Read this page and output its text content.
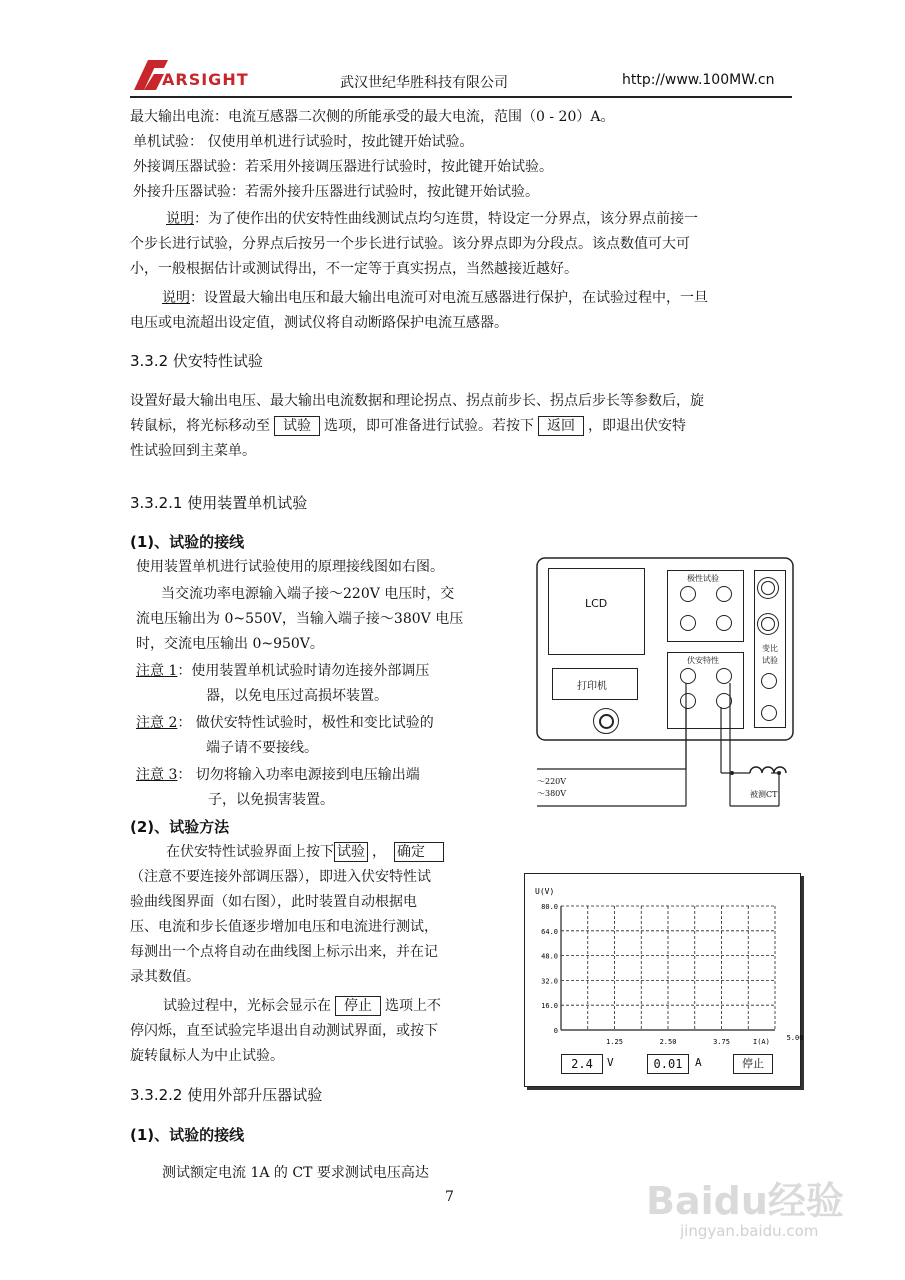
ARSIGHT	武汉世纪华胜科技有限公司	http://www.100MW.cn
最大输出电流：电流互感器二次侧的所能承受的最大电流，范围（0 - 20）A。
单机试验： 仅使用单机进行试验时，按此键开始试验。
外接调压器试验：若采用外接调压器进行试验时，按此键开始试验。
外接升压器试验：若需外接升压器进行试验时，按此键开始试验。
说明：为了使作出的伏安特性曲线测试点均匀连贯，特设定一分界点，该分界点前接一
个步长进行试验，分界点后按另一个步长进行试验。该分界点即为分段点。该点数值可大可
小，一般根据估计或测试得出，不一定等于真实拐点，当然越接近越好。
说明：设置最大输出电压和最大输出电流可对电流互感器进行保护，在试验过程中，一旦
电压或电流超出设定值，测试仪将自动断路保护电流互感器。
3.3.2 伏安特性试验
设置好最大输出电压、最大输出电流数据和理论拐点、拐点前步长、拐点后步长等参数后，旋
转鼠标，将光标移动至 试验 选项，即可准备进行试验。若按下 返回 ，即退出伏安特
性试验回到主菜单。
3.3.2.1 使用装置单机试验
(1)、试验的接线
使用装置单机进行试验使用的原理接线图如右图。
当交流功率电源输入端子接～220V 电压时，交
流电压输出为 0~550V，当输入端子接～380V 电压
时，交流电压输出 0~950V。
注意 1：使用装置单机试验时请勿连接外部调压
器，以免电压过高损坏装置。
注意 2： 做伏安特性试验时，极性和变比试验的
端子请不要接线。
注意 3： 切勿将输入功率电源接到电压输出端
子，以免损害装置。
(2)、试验方法
在伏安特性试验界面上按下 试验 ， 确定
（注意不要连接外部调压器），即进入伏安特性试
验曲线图界面（如右图），此时装置自动根据电
压、电流和步长值逐步增加电压和电流进行测试，
每测出一个点将自动在曲线图上标示出来，并在记
录其数值。
试验过程中，光标会显示在 停止 选项上不
停闪烁，直至试验完毕退出自动测试界面，或按下
旋转鼠标人为中止试验。
3.3.2.2 使用外部升压器试验
(1)、试验的接线
测试额定电流 1A 的 CT 要求测试电压高达
LCD
极性试验
变比
试验
伏安特性
打印机
～220V
～380V	被测CT
U(V)
80.0
64.0
48.0
32.0
16.0
0
1.25	2.50	3.75	5.00
I(A)
2.4	V	0.01	A	停止
7	Baidu经验
jingyan.baidu.com
